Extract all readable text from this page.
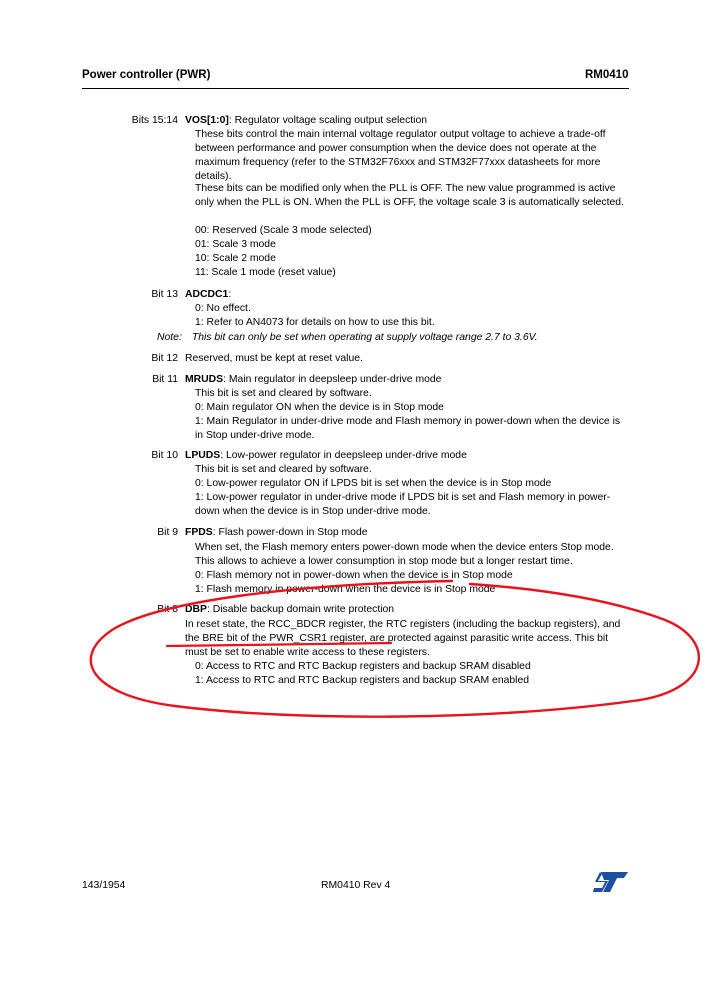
Power controller (PWR)	RM0410
Bits 15:14 VOS[1:0]: Regulator voltage scaling output selection
These bits control the main internal voltage regulator output voltage to achieve a trade-off between performance and power consumption when the device does not operate at the maximum frequency (refer to the STM32F76xxx and STM32F77xxx datasheets for more details).
These bits can be modified only when the PLL is OFF. The new value programmed is active only when the PLL is ON. When the PLL is OFF, the voltage scale 3 is automatically selected.
00: Reserved (Scale 3 mode selected)
01: Scale 3 mode
10: Scale 2 mode
11: Scale 1 mode (reset value)
Bit 13 ADCDC1:
0: No effect.
1: Refer to AN4073 for details on how to use this bit.
Note: This bit can only be set when operating at supply voltage range 2.7 to 3.6V.
Bit 12 Reserved, must be kept at reset value.
Bit 11 MRUDS: Main regulator in deepsleep under-drive mode
This bit is set and cleared by software.
0: Main regulator ON when the device is in Stop mode
1: Main Regulator in under-drive mode and Flash memory in power-down when the device is in Stop under-drive mode.
Bit 10 LPUDS: Low-power regulator in deepsleep under-drive mode
This bit is set and cleared by software.
0: Low-power regulator ON if LPDS bit is set when the device is in Stop mode
1: Low-power regulator in under-drive mode if LPDS bit is set and Flash memory in power-down when the device is in Stop under-drive mode.
Bit 9 FPDS: Flash power-down in Stop mode
When set, the Flash memory enters power-down mode when the device enters Stop mode. This allows to achieve a lower consumption in stop mode but a longer restart time.
0: Flash memory not in power-down when the device is in Stop mode
1: Flash memory in power-down when the device is in Stop mode
Bit 8 DBP: Disable backup domain write protection
In reset state, the RCC_BDCR register, the RTC registers (including the backup registers), and the BRE bit of the PWR_CSR1 register, are protected against parasitic write access. This bit must be set to enable write access to these registers.
0: Access to RTC and RTC Backup registers and backup SRAM disabled
1: Access to RTC and RTC Backup registers and backup SRAM enabled
143/1954	RM0410 Rev 4
